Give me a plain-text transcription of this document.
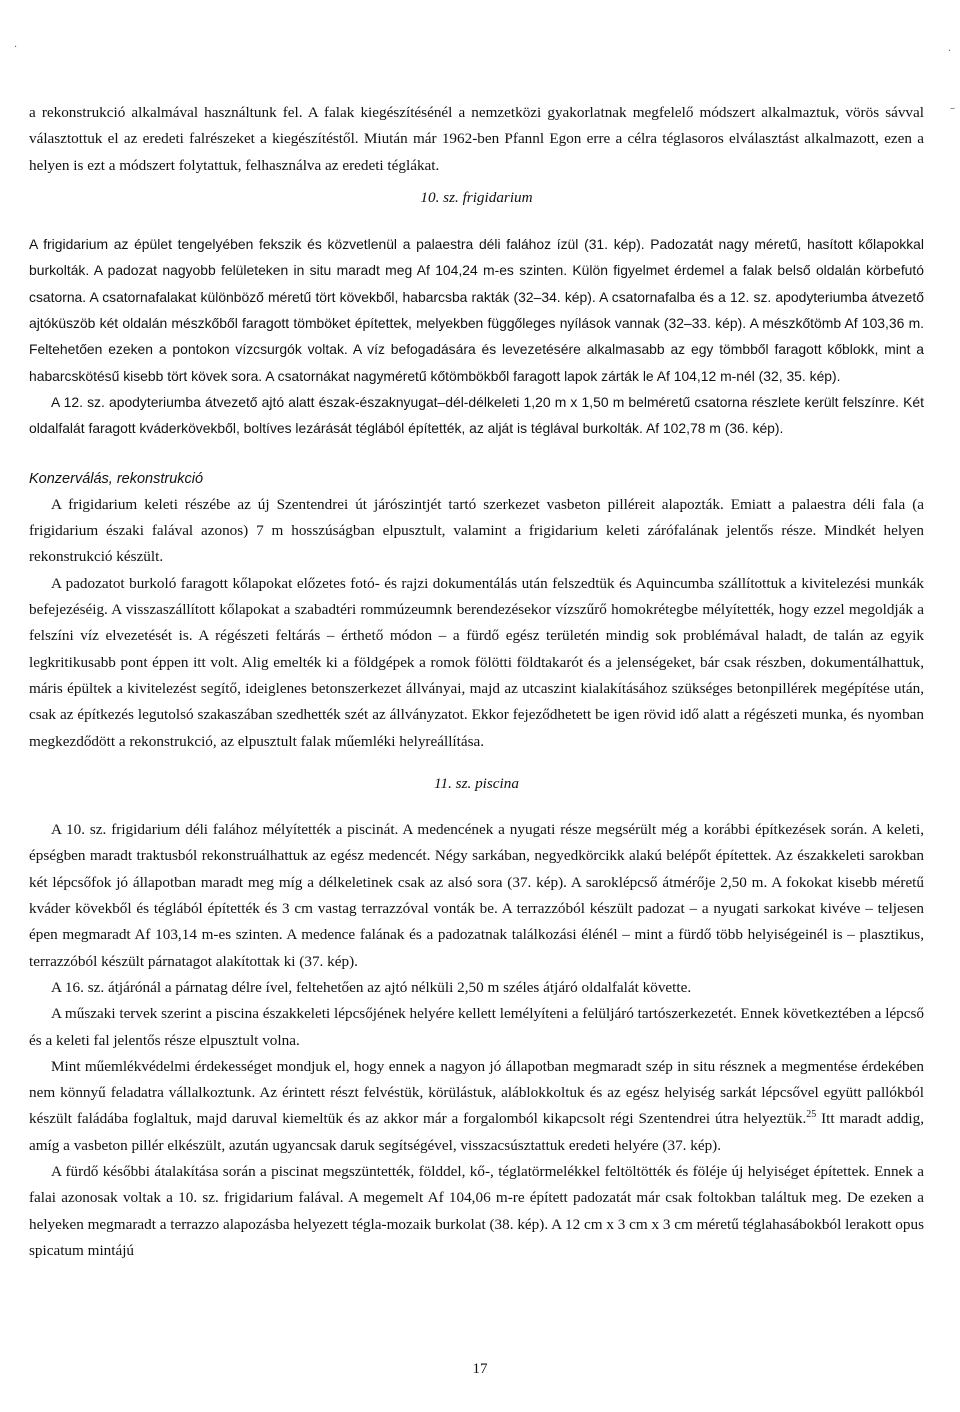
·	·
–

a rekonstrukció alkalmával használtunk fel. A falak kiegészítésénél a nemzetközi gyakorlatnak megfelelő módszert alkalmaztuk, vörös sávval választottuk el az eredeti falrészeket a kiegészítéstől. Miután már 1962-ben Pfannl Egon erre a célra téglasoros elválasztást alkalmazott, ezen a helyen is ezt a módszert folytattuk, felhasználva az eredeti téglákat.

10. sz. frigidarium

A frigidarium az épület tengelyében fekszik és közvetlenül a palaestra déli falához ízül (31. kép). Padozatát nagy méretű, hasított kőlapokkal burkolták. A padozat nagyobb felületeken in situ maradt meg Af 104,24 m-es szinten. Külön figyelmet érdemel a falak belső oldalán körbefutó csatorna. A csatornafalakat különböző méretű tört kövekből, habarcsba rakták (32–34. kép). A csatornafalba és a 12. sz. apodyteriumba átvezető ajtóküszöb két oldalán mészkőből faragott tömböket építettek, melyekben függőleges nyílások vannak (32–33. kép). A mészkőtömb Af 103,36 m. Feltehetően ezeken a pontokon vízcsurgók voltak. A víz befogadására és levezetésére alkalmasabb az egy tömbből faragott kőblokk, mint a habarcskötésű kisebb tört kövek sora. A csatornákat nagyméretű kőtömbökből faragott lapok zárták le Af 104,12 m-nél (32, 35. kép).

A 12. sz. apodyteriumba átvezető ajtó alatt észak-északnyugat–dél-délkeleti 1,20 m x 1,50 m belméretű csatorna részlete került felszínre. Két oldalfalát faragott kváderkövekből, boltíves lezárását téglából építették, az alját is téglával burkolták. Af 102,78 m (36. kép).

Konzerválás, rekonstrukció

A frigidarium keleti részébe az új Szentendrei út járószintjét tartó szerkezet vasbeton pillérеit alapozták. Emiatt a palaestra déli fala (a frigidarium északi falával azonos) 7 m hosszúságban elpusztult, valamint a frigidarium keleti zárófalának jelentős része. Mindkét helyen rekonstrukció készült.

A padozatot burkoló faragott kőlapokat előzetes fotó- és rajzi dokumentálás után felszedtük és Aquincumba szállítottuk a kivitelezési munkák befejezéséig. A visszaszállított kőlapokat a szabadtéri rommúzeumnk berendezésekor vízszűrő homokrétegbe mélyítették, hogy ezzel megoldják a felszíni víz elvezetését is. A régészeti feltárás – érthető módon – a fürdő egész területén mindig sok problémával haladt, de talán az egyik legkritikusabb pont éppen itt volt. Alig emelték ki a földgépek a romok fölötti földtakarót és a jelenségeket, bár csak részben, dokumentálhattuk, máris épültek a kivitelezést segítő, ideiglenes betonszerkezet állványai, majd az utcaszint kialakításához szükséges betonpillérek megépítése után, csak az építkezés legutolsó szakaszában szedhették szét az állványzatot. Ekkor fejeződhetett be igen rövid idő alatt a régészeti munka, és nyomban megkezdődött a rekonstrukció, az elpusztult falak műemléki helyreállítása.

11. sz. piscina

A 10. sz. frigidarium déli falához mélyítették a piscinát. A medencének a nyugati része megsérült még a korábbi építkezések során. A keleti, épségben maradt traktusból rekonstruálhattuk az egész medencét. Négy sarkában, negyedkörcikk alakú belépőt építettek. Az északkeleti sarokban két lépcsőfok jó állapotban maradt meg míg a délkeletinek csak az alsó sora (37. kép). A saroklépcső átmérője 2,50 m. A fokokat kisebb méretű kváder kövekből és téglából építették és 3 cm vastag terrazzóval vonták be. A terrazzóból készült padozat – a nyugati sarkokat kivéve – teljesen épen megmaradt Af 103,14 m-es szinten. A medence falának és a padozatnak találkozási élénél – mint a fürdő több helyiségeinél is – plasztikus, terrazzóból készült párnatagot alakítottak ki (37. kép).

A 16. sz. átjárónál a párnatag délre ível, feltehetően az ajtó nélküli 2,50 m széles átjáró oldalfalát követte.

A műszaki tervek szerint a piscina északkeleti lépcsőjének helyére kellett lemélyíteni a felüljáró tartószerkezetét. Ennek következtében a lépcső és a keleti fal jelentős része elpusztult volna.

Mint műemlékvédelmi érdekességet mondjuk el, hogy ennek a nagyon jó állapotban megmaradt szép in situ résznek a megmentése érdekében nem könnyű feladatra vállalkoztunk. Az érintett részt felvéstük, körülástuk, aláblokkoltuk és az egész helyiség sarkát lépcsővel együtt pallókból készült faládába foglaltuk, majd daruval kiemeltük és az akkor már a forgalomból kikapcsolt régi Szentendrei útra helyeztük.$^{25}$ Itt maradt addig, amíg a vasbeton pillér elkészült, azután ugyancsak daruk segítségével, visszacsúsztattuk eredeti helyére (37. kép).

A fürdő későbbi átalakítása során a piscinat megszüntették, földdel, kő-, téglatörmelékkel feltöltötték és föléje új helyiséget építettek. Ennek a falai azonosak voltak a 10. sz. frigidarium falával. A megemelt Af 104,06 m-re épített padozatát már csak foltokban találtuk meg. De ezeken a helyeken megmaradt a terrazzo alapozásba helyezett tégla-mozaik burkolat (38. kép). A 12 cm x 3 cm x 3 cm méretű téglahasábokból lerakott opus spicatum mintájú

17
